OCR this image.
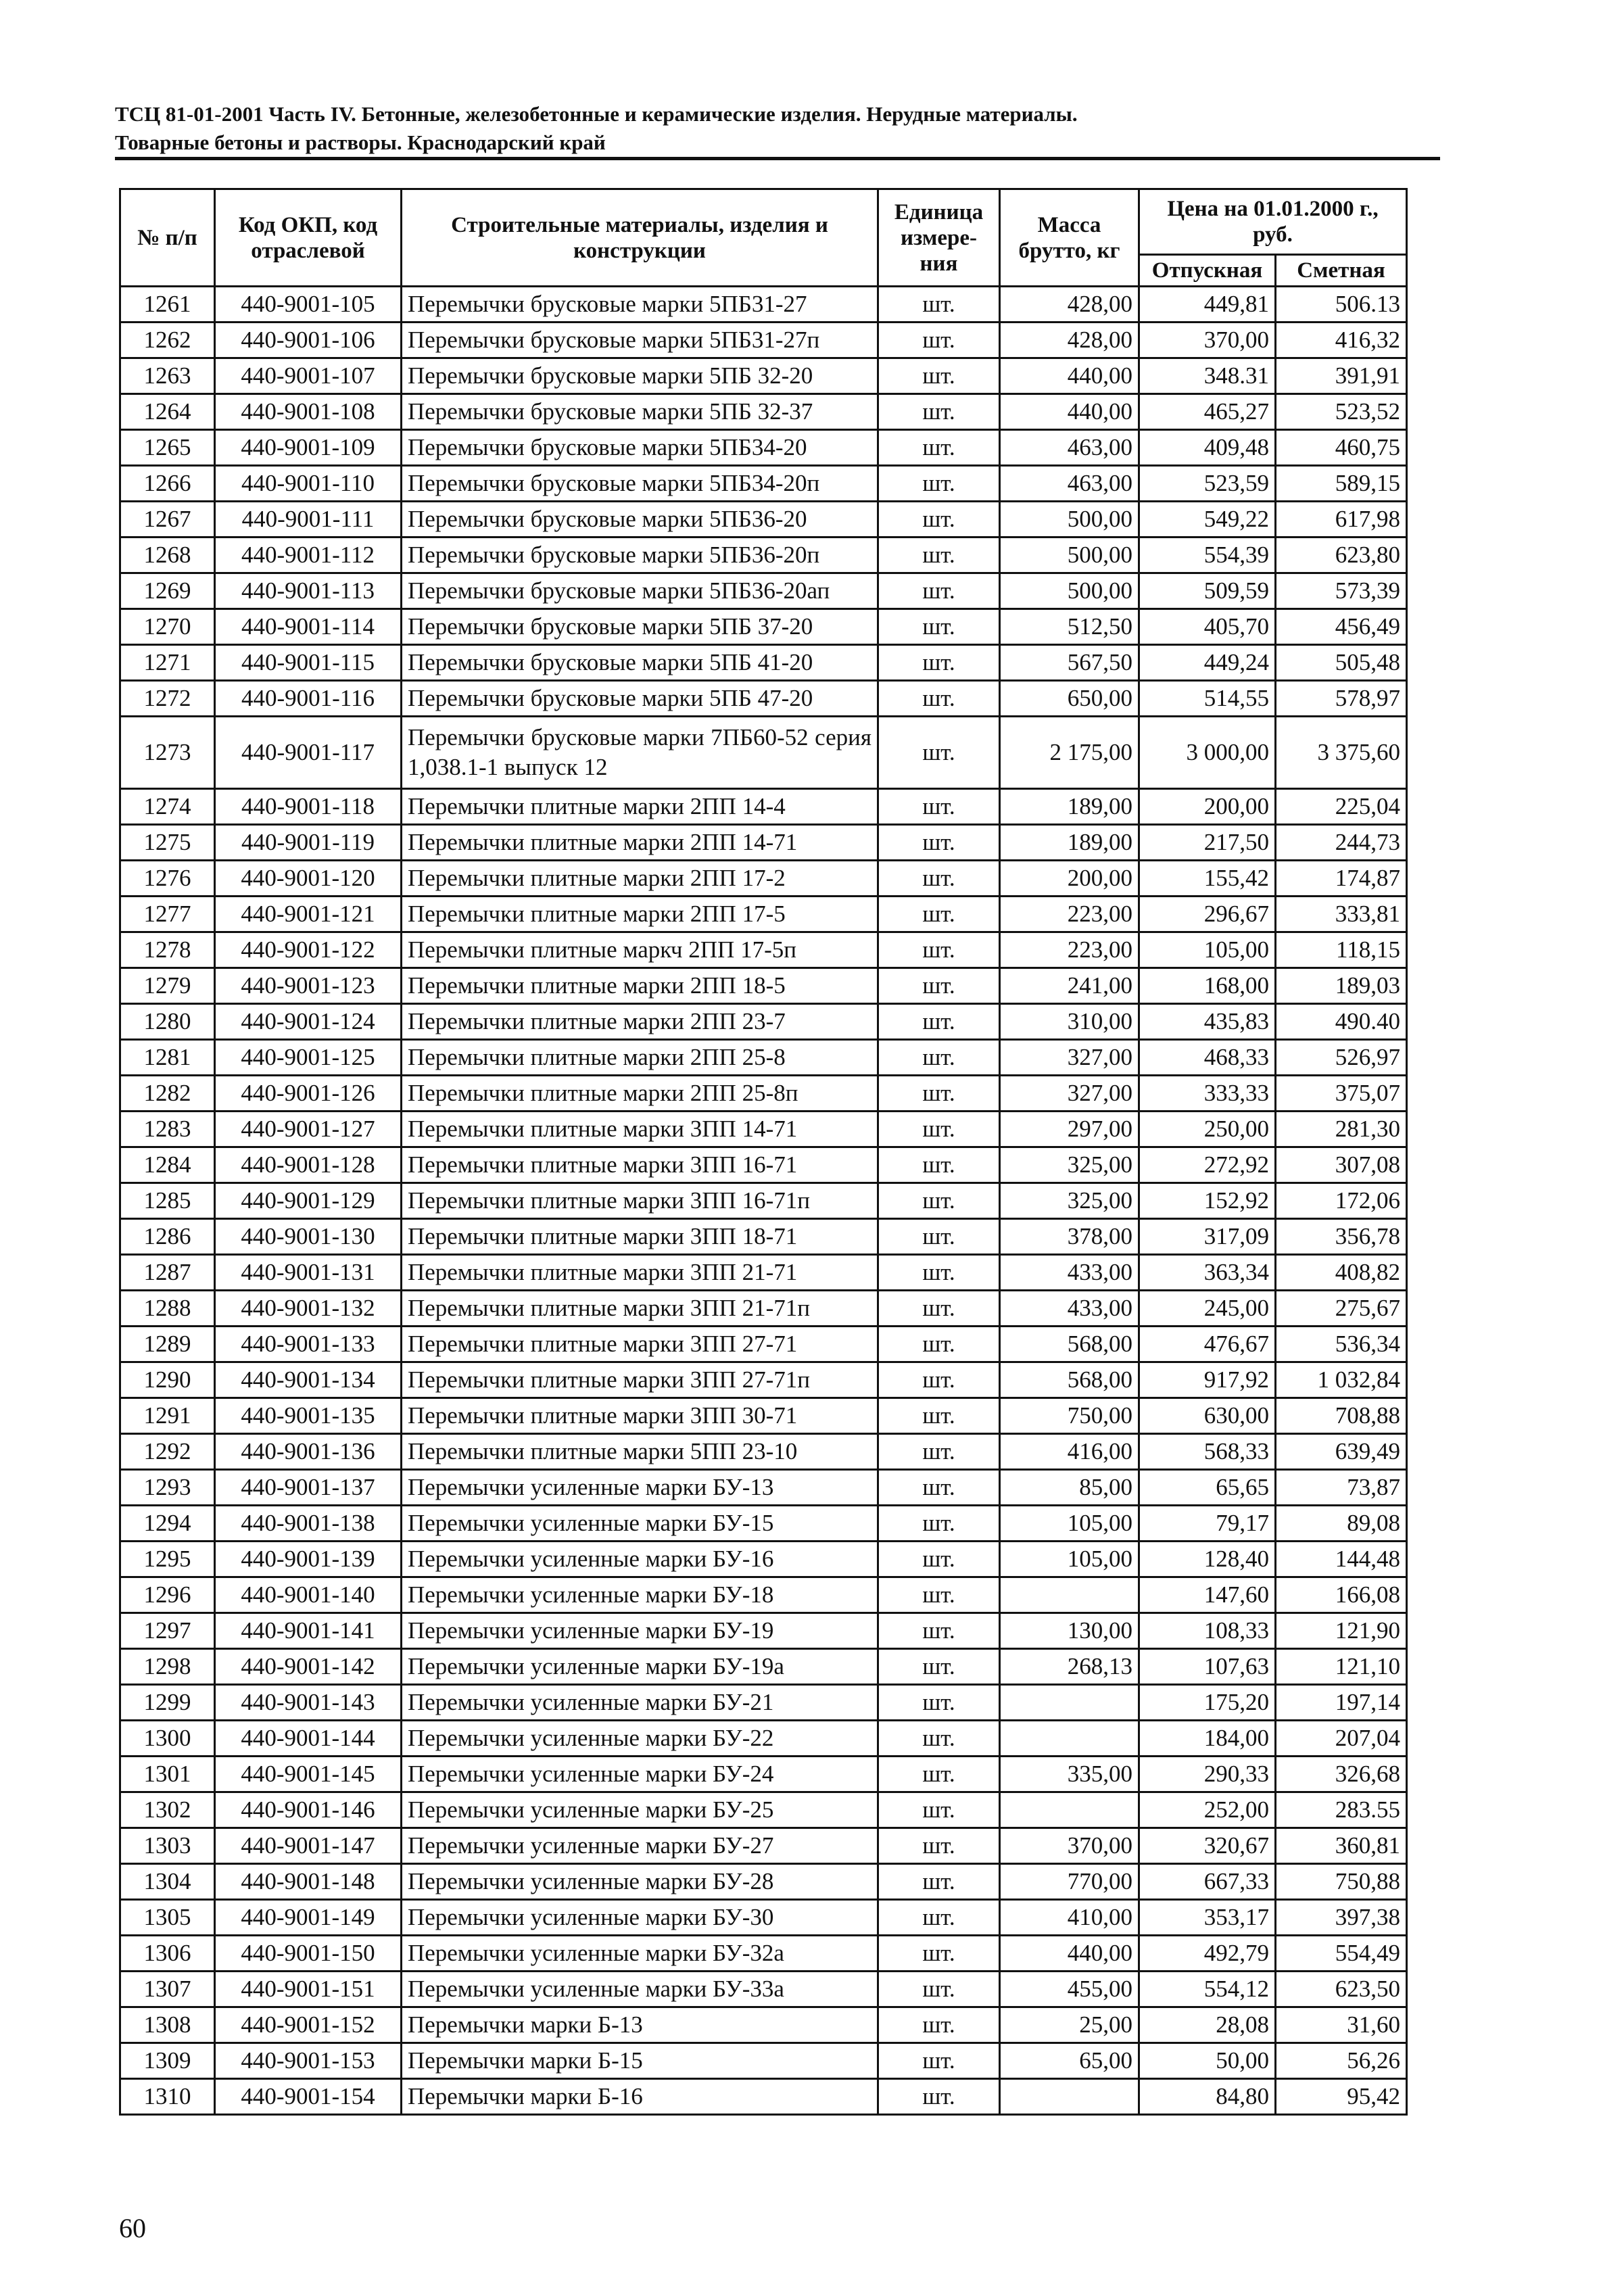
ТСЦ 81-01-2001 Часть IV. Бетонные, железобетонные и керамические изделия. Нерудные материалы.
Товарные бетоны и растворы. Краснодарский край
№ п/п	Код ОКП, код отраслевой	Строительные материалы, изделия и конструкции	Единица измере-ния	Масса брутто, кг	Цена на 01.01.2000 г., руб.	
					Отпускная	Сметная
1261	440-9001-105	Перемычки брусковые марки 5ПБ31-27	шт.	428,00	449,81	506.13
1262	440-9001-106	Перемычки брусковые марки 5ПБ31-27п	шт.	428,00	370,00	416,32
1263	440-9001-107	Перемычки брусковые марки 5ПБ 32-20	шт.	440,00	348.31	391,91
1264	440-9001-108	Перемычки брусковые марки 5ПБ 32-37	шт.	440,00	465,27	523,52
1265	440-9001-109	Перемычки брусковые марки 5ПБ34-20	шт.	463,00	409,48	460,75
1266	440-9001-110	Перемычки брусковые марки 5ПБ34-20п	шт.	463,00	523,59	589,15
1267	440-9001-111	Перемычки брусковые марки 5ПБ36-20	шт.	500,00	549,22	617,98
1268	440-9001-112	Перемычки брусковые марки 5ПБ36-20п	шт.	500,00	554,39	623,80
1269	440-9001-113	Перемычки брусковые марки 5ПБ36-20ап	шт.	500,00	509,59	573,39
1270	440-9001-114	Перемычки брусковые марки 5ПБ 37-20	шт.	512,50	405,70	456,49
1271	440-9001-115	Перемычки брусковые марки 5ПБ 41-20	шт.	567,50	449,24	505,48
1272	440-9001-116	Перемычки брусковые марки 5ПБ 47-20	шт.	650,00	514,55	578,97
1273	440-9001-117	Перемычки брусковые марки 7ПБ60-52 серия 1,038.1-1 выпуск 12	шт.	2 175,00	3 000,00	3 375,60
1274	440-9001-118	Перемычки плитные марки 2ПП 14-4	шт.	189,00	200,00	225,04
1275	440-9001-119	Перемычки плитные марки 2ПП 14-71	шт.	189,00	217,50	244,73
1276	440-9001-120	Перемычки плитные марки 2ПП 17-2	шт.	200,00	155,42	174,87
1277	440-9001-121	Перемычки плитные марки 2ПП 17-5	шт.	223,00	296,67	333,81
1278	440-9001-122	Перемычки плитные маркч 2ПП 17-5п	шт.	223,00	105,00	118,15
1279	440-9001-123	Перемычки плитные марки 2ПП 18-5	шт.	241,00	168,00	189,03
1280	440-9001-124	Перемычки плитные марки 2ПП 23-7	шт.	310,00	435,83	490.40
1281	440-9001-125	Перемычки плитные марки 2ПП 25-8	шт.	327,00	468,33	526,97
1282	440-9001-126	Перемычки плитные марки 2ПП 25-8п	шт.	327,00	333,33	375,07
1283	440-9001-127	Перемычки плитные марки 3ПП 14-71	шт.	297,00	250,00	281,30
1284	440-9001-128	Перемычки плитные марки 3ПП 16-71	шт.	325,00	272,92	307,08
1285	440-9001-129	Перемычки плитные марки 3ПП 16-71п	шт.	325,00	152,92	172,06
1286	440-9001-130	Перемычки плитные марки 3ПП 18-71	шт.	378,00	317,09	356,78
1287	440-9001-131	Перемычки плитные марки 3ПП 21-71	шт.	433,00	363,34	408,82
1288	440-9001-132	Перемычки плитные марки 3ПП 21-71п	шт.	433,00	245,00	275,67
1289	440-9001-133	Перемычки плитные марки 3ПП 27-71	шт.	568,00	476,67	536,34
1290	440-9001-134	Перемычки плитные марки 3ПП 27-71п	шт.	568,00	917,92	1 032,84
1291	440-9001-135	Перемычки плитные марки 3ПП 30-71	шт.	750,00	630,00	708,88
1292	440-9001-136	Перемычки плитные марки 5ПП 23-10	шт.	416,00	568,33	639,49
1293	440-9001-137	Перемычки усиленные марки БУ-13	шт.	85,00	65,65	73,87
1294	440-9001-138	Перемычки усиленные марки БУ-15	шт.	105,00	79,17	89,08
1295	440-9001-139	Перемычки усиленные марки БУ-16	шт.	105,00	128,40	144,48
1296	440-9001-140	Перемычки усиленные марки БУ-18	шт.		147,60	166,08
1297	440-9001-141	Перемычки усиленные марки БУ-19	шт.	130,00	108,33	121,90
1298	440-9001-142	Перемычки усиленные марки БУ-19а	шт.	268,13	107,63	121,10
1299	440-9001-143	Перемычки усиленные марки БУ-21	шт.		175,20	197,14
1300	440-9001-144	Перемычки усиленные марки БУ-22	шт.		184,00	207,04
1301	440-9001-145	Перемычки усиленные марки БУ-24	шт.	335,00	290,33	326,68
1302	440-9001-146	Перемычки усиленные марки БУ-25	шт.		252,00	283.55
1303	440-9001-147	Перемычки усиленные марки БУ-27	шт.	370,00	320,67	360,81
1304	440-9001-148	Перемычки усиленные марки БУ-28	шт.	770,00	667,33	750,88
1305	440-9001-149	Перемычки усиленные марки БУ-30	шт.	410,00	353,17	397,38
1306	440-9001-150	Перемычки усиленные марки БУ-32а	шт.	440,00	492,79	554,49
1307	440-9001-151	Перемычки усиленные марки БУ-33а	шт.	455,00	554,12	623,50
1308	440-9001-152	Перемычки марки Б-13	шт.	25,00	28,08	31,60
1309	440-9001-153	Перемычки марки Б-15	шт.	65,00	50,00	56,26
1310	440-9001-154	Перемычки марки Б-16	шт.		84,80	95,42
60
